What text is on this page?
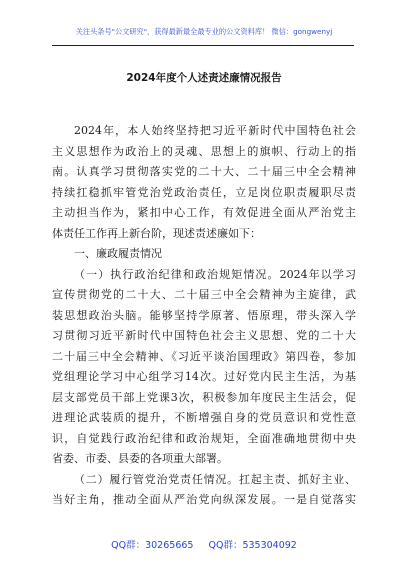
关注头条号"公文研究"，获得最新最全最专业的公文资料库！ 微信：gongwenyj
2024年度个人述责述廉情况报告
2024年，本人始终坚持把习近平新时代中国特色社会
主义思想作为政治上的灵魂、思想上的旗帜、行动上的指
南。认真学习贯彻落实党的二十大、二十届三中全会精神
持续扛稳抓牢管党治党政治责任，立足岗位职责履职尽责
主动担当作为，紧扣中心工作，有效促进全面从严治党主
体责任工作再上新台阶，现述责述廉如下：
一、廉政履责情况
（一）执行政治纪律和政治规矩情况。2024年以学习
宣传贯彻党的二十大、二十届三中全会精神为主旋律，武
装思想政治头脑。能够坚持学原著、悟原理，带头深入学
习贯彻习近平新时代中国特色社会主义思想、党的二十大
二十届三中全会精神、《习近平谈治国理政》第四卷，参加
党组理论学习中心组学习14次。过好党内民主生活，为基
层支部党员干部上党课3次，积极参加年度民主生活会，促
进理论武装质的提升，不断增强自身的党员意识和党性意
识，自觉践行政治纪律和政治规矩，全面准确地贯彻中央
省委、市委、县委的各项重大部署。
（二）履行管党治党责任情况。扛起主责、抓好主业、
当好主角，推动全面从严治党向纵深发展。一是自觉落实
QQ群：30265665 QQ群：535304092
